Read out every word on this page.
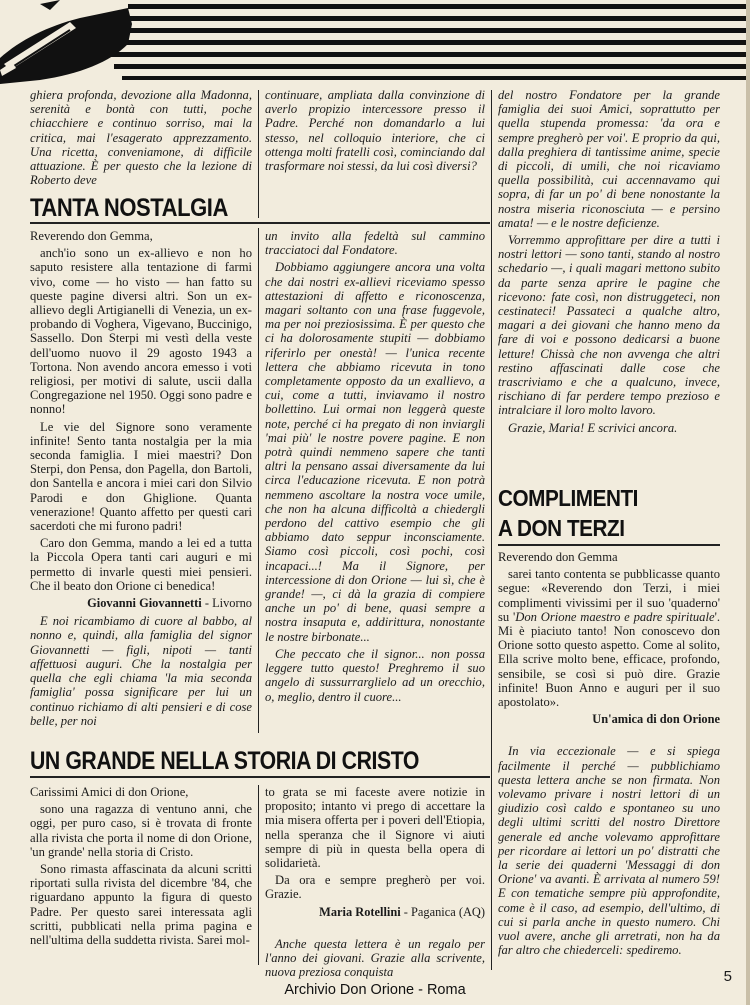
ghiera profonda, devozione alla Madonna, serenità e bontà con tutti, poche chiacchiere e continuo sorriso, mai la critica, mai l'esagerato apprezzamento. Una ricetta, conveniamone, di difficile attuazione. È per questo che la lezione di Roberto deve

continuare, ampliata dalla convinzione di averlo propizio intercessore presso il Padre. Perché non domandarlo a lui stesso, nel colloquio interiore, che ci ottenga molti fratelli così, cominciando dal trasformare noi stessi, da lui così diversi?

TANTA NOSTALGIA

Reverendo don Gemma,

anch'io sono un ex-allievo e non ho saputo resistere alla tentazione di farmi vivo, come — ho visto — han fatto su queste pagine diversi altri. Son un ex-allievo degli Artigianelli di Venezia, un ex-probando di Voghera, Vigevano, Buccinigo, Sassello. Don Sterpi mi vestì della veste dell'uomo nuovo il 29 agosto 1943 a Tortona. Non avendo ancora emesso i voti religiosi, per motivi di salute, uscii dalla Congregazione nel 1950. Oggi sono padre e nonno!

Le vie del Signore sono veramente infinite! Sento tanta nostalgia per la mia seconda famiglia. I miei maestri? Don Sterpi, don Pensa, don Pagella, don Bartoli, don Santella e ancora i miei cari don Silvio Parodi e don Ghiglione. Quanta venerazione! Quanto affetto per questi cari sacerdoti che mi furono padri!

Caro don Gemma, mando a lei ed a tutta la Piccola Opera tanti cari auguri e mi permetto di invarle questi miei pensieri. Che il beato don Orione ci benedica!

Giovanni Giovannetti - Livorno

E noi ricambiamo di cuore al babbo, al nonno e, quindi, alla famiglia del signor Giovannetti — figli, nipoti — tanti affettuosi auguri. Che la nostalgia per quella che egli chiama 'la mia seconda famiglia' possa significare per lui un continuo richiamo di alti pensieri e di cose belle, per noi

un invito alla fedeltà sul cammino tracciatoci dal Fondatore.

Dobbiamo aggiungere ancora una volta che dai nostri ex-allievi riceviamo spesso attestazioni di affetto e riconoscenza, magari soltanto con una frase fuggevole, ma per noi preziosissima. È per questo che ci ha dolorosamente stupiti — dobbiamo riferirlo per onestà! — l'unica recente lettera che abbiamo ricevuta in tono completamente opposto da un exallievo, a cui, come a tutti, inviavamo il nostro bollettino. Lui ormai non leggerà queste note, perché ci ha pregato di non inviargli 'mai più' le nostre povere pagine. E non potrà quindi nemmeno sapere che tanti altri la pensano assai diversamente da lui circa l'educazione ricevuta. E non potrà nemmeno ascoltare la nostra voce umile, che non ha alcuna difficoltà a chiedergli perdono del cattivo esempio che gli abbiamo dato seppur inconsciamente. Siamo così piccoli, così pochi, così incapaci...! Ma il Signore, per intercessione di don Orione — lui sì, che è grande! —, ci dà la grazia di compiere anche un po' di bene, quasi sempre a nostra insaputa e, addirittura, nonostante le nostre birbonate...

Che peccato che il signor... non possa leggere tutto questo! Preghremo il suo angelo di sussurrarglielo ad un orecchio, o, meglio, dentro il cuore...

del nostro Fondatore per la grande famiglia dei suoi Amici, soprattutto per quella stupenda promessa: 'da ora e sempre pregherò per voi'. E proprio da qui, dalla preghiera di tantissime anime, specie di piccoli, di umili, che noi ricaviamo quella possibilità, cui accennavamo qui sopra, di far un po' di bene nonostante la nostra miseria riconosciuta — e persino amata! — e le nostre deficienze.

Vorremmo approfittare per dire a tutti i nostri lettori — sono tanti, stando al nostro schedario —, i quali magari mettono subito da parte senza aprire le pagine che ricevono: fate così, non distruggeteci, non cestinateci! Passateci a qualche altro, magari a dei giovani che hanno meno da fare di voi e possono dedicarsi a buone letture! Chissà che non avvenga che altri restino affascinati dalle cose che trascriviamo e che a qualcuno, invece, rischiano di far perdere tempo prezioso e intralciare il loro molto lavoro.

Grazie, Maria! E scrivici ancora.

COMPLIMENTI
A DON TERZI

Reverendo don Gemma

sarei tanto contenta se pubblicasse quanto segue: «Reverendo don Terzi, i miei complimenti vivissimi per il suo 'quaderno' su 'Don Orione maestro e padre spirituale'. Mi è piaciuto tanto! Non conoscevo don Orione sotto questo aspetto. Come al solito, Ella scrive molto bene, efficace, profondo, sensibile, se così si può dire. Grazie infinite! Buon Anno e auguri per il suo apostolato».

Un'amica di don Orione

In via eccezionale — e si spiega facilmente il perché — pubblichiamo questa lettera anche se non firmata. Non volevamo privare i nostri lettori di un giudizio così caldo e spontaneo su uno degli ultimi scritti del nostro Direttore generale ed anche volevamo approfittare per ricordare ai lettori un po' distratti che la serie dei quaderni 'Messaggi di don Orione' va avanti. È arrivata al numero 59! E con tematiche sempre più approfondite, come è il caso, ad esempio, dell'ultimo, di cui si parla anche in questo numero. Chi vuol avere, anche gli arretrati, non ha da far altro che chiederceli: spediremo.

UN GRANDE NELLA STORIA DI CRISTO

Carissimi Amici di don Orione,

sono una ragazza di ventuno anni, che oggi, per puro caso, si è trovata di fronte alla rivista che porta il nome di don Orione, 'un grande' nella storia di Cristo.

Sono rimasta affascinata da alcuni scritti riportati sulla rivista del dicembre '84, che riguardano appunto la figura di questo Padre. Per questo sarei interessata agli scritti, pubblicati nella prima pagina e nell'ultima della suddetta rivista. Sarei mol-

to grata se mi faceste avere notizie in proposito; intanto vi prego di accettare la mia misera offerta per i poveri dell'Etiopia, nella speranza che il Signore vi aiuti sempre di più in questa bella opera di solidarietà.

Da ora e sempre pregherò per voi. Grazie.

Maria Rotellini - Paganica (AQ)

Anche questa lettera è un regalo per l'anno dei giovani. Grazie alla scrivente, nuova preziosa conquista	5
Archivio Don Orione - Roma
